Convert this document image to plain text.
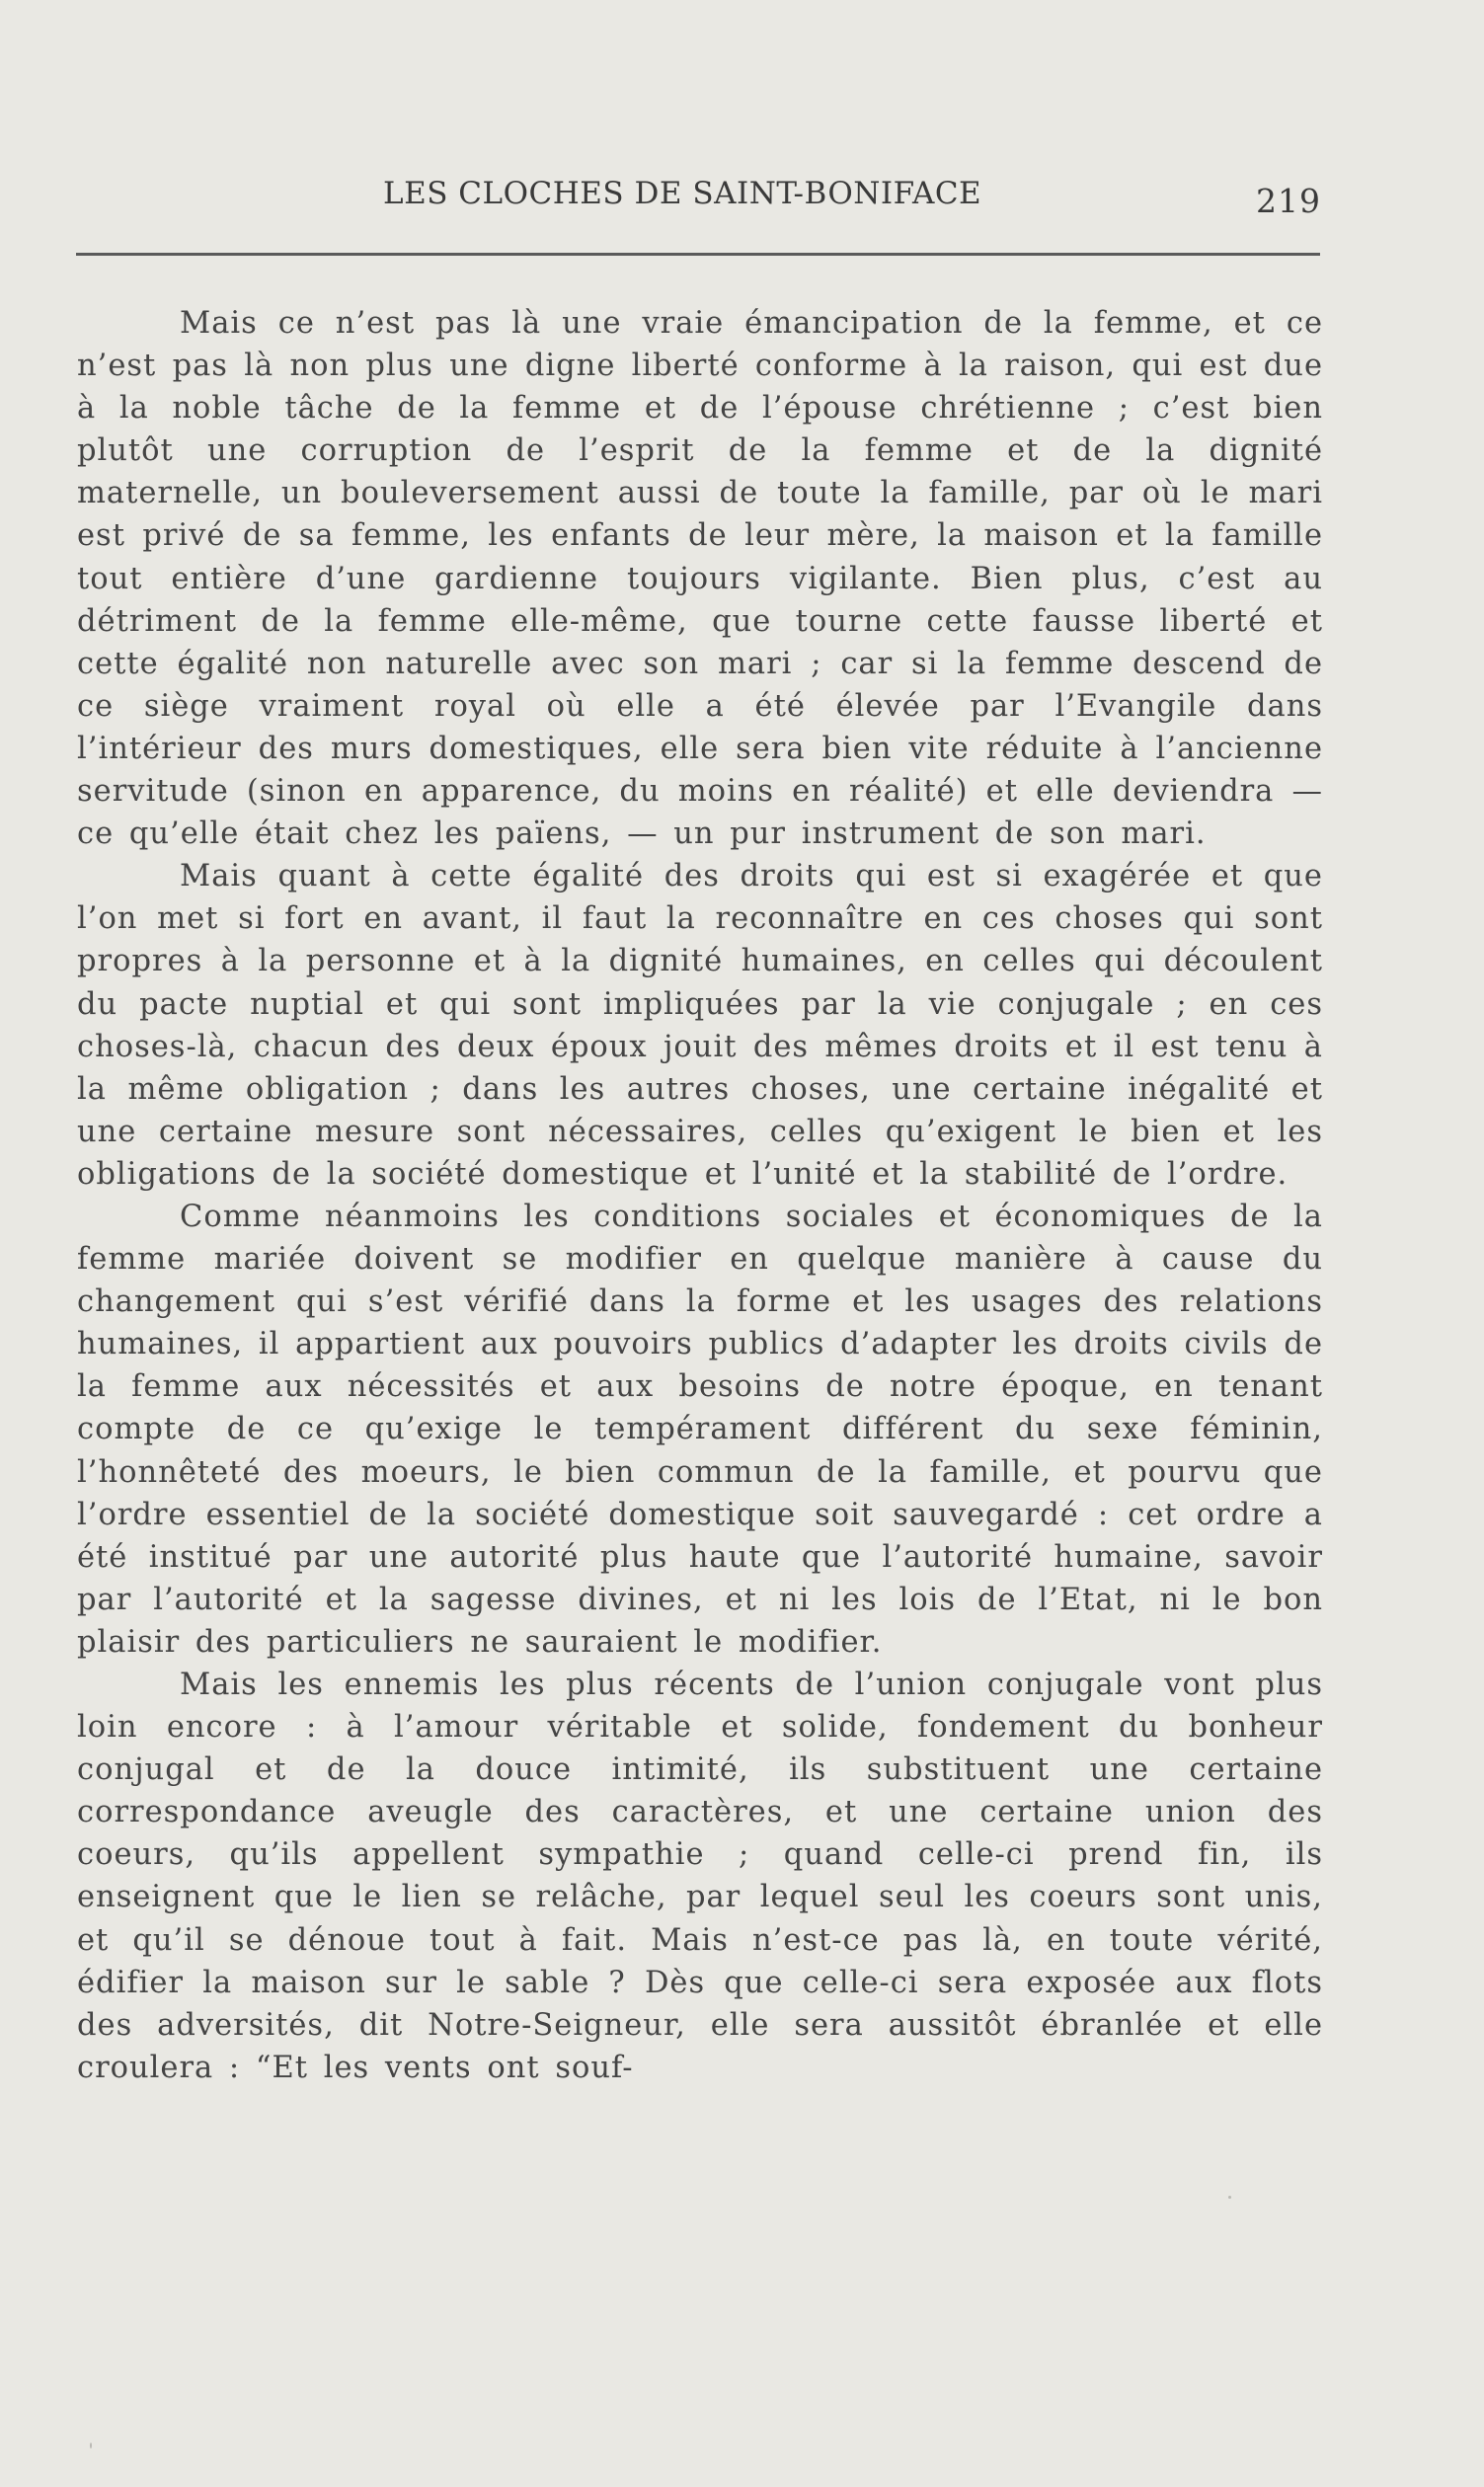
LES CLOCHES DE SAINT-BONIFACE	219

Mais ce n’est pas là une vraie émancipation de la femme, et ce n’est pas là non plus une digne liberté conforme à la raison, qui est due à la noble tâche de la femme et de l’épouse chrétienne ; c’est bien plutôt une corruption de l’esprit de la femme et de la dignité maternelle, un bouleversement aussi de toute la famille, par où le mari est privé de sa femme, les enfants de leur mère, la maison et la famille tout entière d’une gardienne toujours vigilante. Bien plus, c’est au détriment de la femme elle-même, que tourne cette fausse liberté et cette égalité non naturelle avec son mari ; car si la femme descend de ce siège vraiment royal où elle a été élevée par l’Evangile dans l’intérieur des murs domestiques, elle sera bien vite réduite à l’ancienne servitude (sinon en apparence, du moins en réalité) et elle deviendra — ce qu’elle était chez les païens, — un pur instrument de son mari.

Mais quant à cette égalité des droits qui est si exagérée et que l’on met si fort en avant, il faut la reconnaître en ces choses qui sont propres à la personne et à la dignité humaines, en celles qui découlent du pacte nuptial et qui sont impliquées par la vie conjugale ; en ces choses-là, chacun des deux époux jouit des mêmes droits et il est tenu à la même obligation ; dans les autres choses, une certaine inégalité et une certaine mesure sont nécessaires, celles qu’exigent le bien et les obligations de la société domestique et l’unité et la stabilité de l’ordre.

Comme néanmoins les conditions sociales et économiques de la femme mariée doivent se modifier en quelque manière à cause du changement qui s’est vérifié dans la forme et les usages des relations humaines, il appartient aux pouvoirs publics d’adapter les droits civils de la femme aux nécessités et aux besoins de notre époque, en tenant compte de ce qu’exige le tempérament différent du sexe féminin, l’honnêteté des moeurs, le bien commun de la famille, et pourvu que l’ordre essentiel de la société domestique soit sauvegardé : cet ordre a été institué par une autorité plus haute que l’autorité humaine, savoir par l’autorité et la sagesse divines, et ni les lois de l’Etat, ni le bon plaisir des particuliers ne sauraient le modifier.

Mais les ennemis les plus récents de l’union conjugale vont plus loin encore : à l’amour véritable et solide, fondement du bonheur conjugal et de la douce intimité, ils substituent une certaine correspondance aveugle des caractères, et une certaine union des coeurs, qu’ils appellent sympathie ; quand celle-ci prend fin, ils enseignent que le lien se relâche, par lequel seul les coeurs sont unis, et qu’il se dénoue tout à fait. Mais n’est-ce pas là, en toute vérité, édifier la maison sur le sable ? Dès que celle-ci sera exposée aux flots des adversités, dit Notre-Seigneur, elle sera aussitôt ébranlée et elle croulera : “Et les vents ont souf-
